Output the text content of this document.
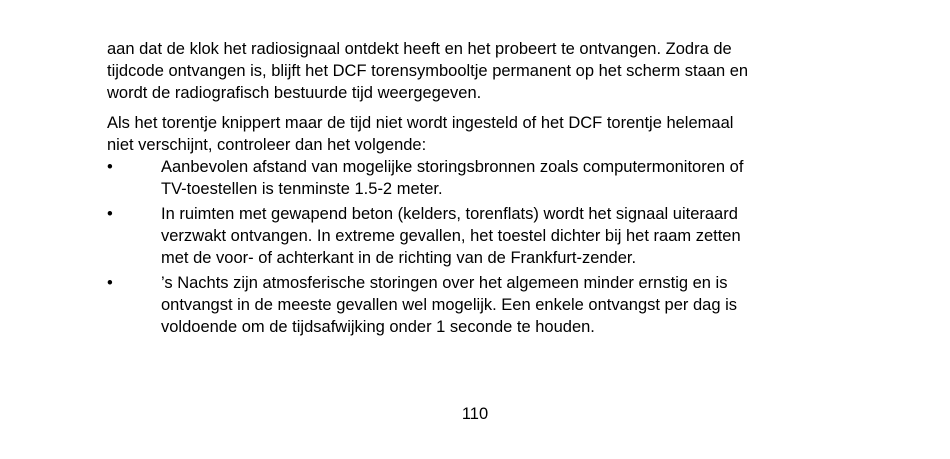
aan dat de klok het radiosignaal ontdekt heeft en het probeert te ontvangen. Zodra de
tijdcode ontvangen is, blijft het DCF torensymbooltje permanent op het scherm staan en
wordt de radiografisch bestuurde tijd weergegeven.

Als het torentje knippert maar de tijd niet wordt ingesteld of het DCF torentje helemaal
niet verschijnt, controleer dan het volgende:

•	Aanbevolen afstand van mogelijke storingsbronnen zoals computermonitoren of
TV-toestellen is tenminste 1.5-2 meter.
•	In ruimten met gewapend beton (kelders, torenflats) wordt het signaal uiteraard
verzwakt ontvangen. In extreme gevallen, het toestel dichter bij het raam zetten
met de voor- of achterkant in de richting van de Frankfurt-zender.
•	’s Nachts zijn atmosferische storingen over het algemeen minder ernstig en is
ontvangst in de meeste gevallen wel mogelijk. Een enkele ontvangst per dag is
voldoende om de tijdsafwijking onder 1 seconde te houden.
110
